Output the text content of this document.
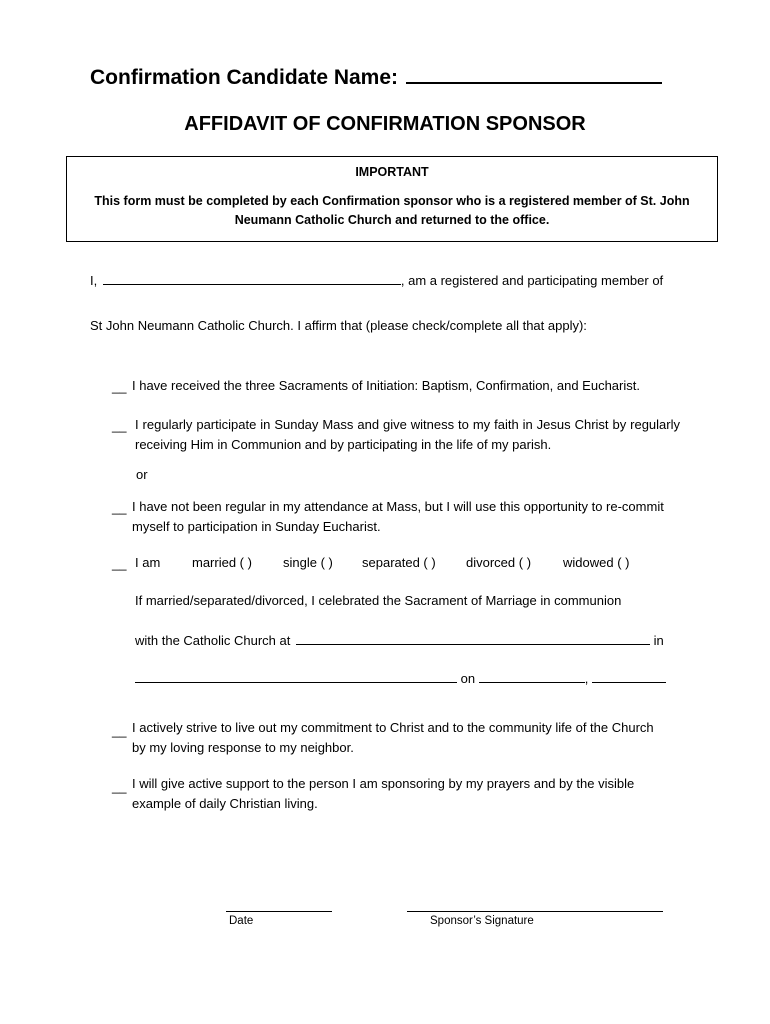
Confirmation Candidate Name:
AFFIDAVIT OF CONFIRMATION SPONSOR
IMPORTANT
This form must be completed by each Confirmation sponsor who is a registered member of St. John Neumann Catholic Church and returned to the office.
I,	, am a registered and participating member of
St John Neumann Catholic Church. I affirm that (please check/complete all that apply):
__ I have received the three Sacraments of Initiation: Baptism, Confirmation, and Eucharist.
__ I regularly participate in Sunday Mass and give witness to my faith in Jesus Christ by regularly receiving Him in Communion and by participating in the life of my parish.
or
__ I have not been regular in my attendance at Mass, but I will use this opportunity to re-commit myself to participation in Sunday Eucharist.
__ I am married ( ) single ( ) separated ( ) divorced ( ) widowed ( )
If married/separated/divorced, I celebrated the Sacrament of Marriage in communion
with the Catholic Church at	in
on	,
__ I actively strive to live out my commitment to Christ and to the community life of the Church by my loving response to my neighbor.
__ I will give active support to the person I am sponsoring by my prayers and by the visible example of daily Christian living.
Date	Sponsor’s Signature
